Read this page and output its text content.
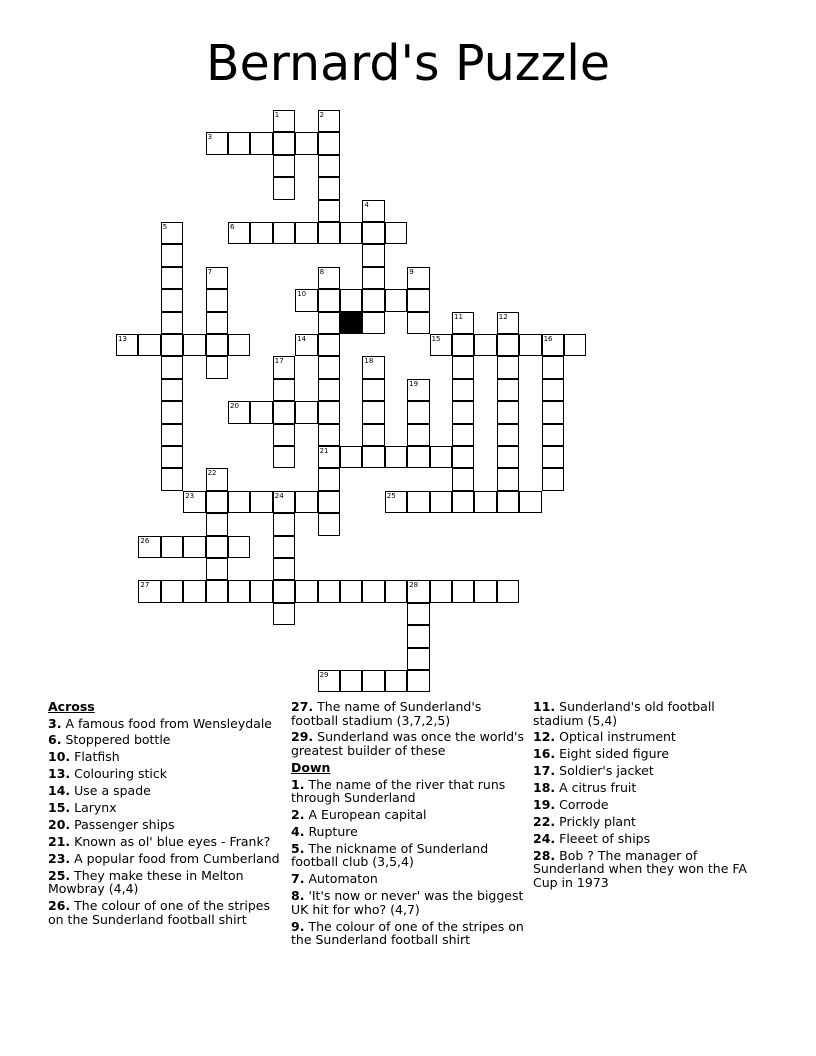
Bernard's Puzzle
1	2
3
4
5	6
7	8	9
10
11	12
13	14	15	16
17	18
19
20
21
22
23	24	25
26
27	28
29
Across
3. A famous food from Wensleydale
6. Stoppered bottle
10. Flatfish
13. Colouring stick
14. Use a spade
15. Larynx
20. Passenger ships
21. Known as ol' blue eyes - Frank?
23. A popular food from Cumberland
25. They make these in Melton Mowbray (4,4)
26. The colour of one of the stripes on the Sunderland football shirt
27. The name of Sunderland's football stadium (3,7,2,5)
29. Sunderland was once the world's greatest builder of these
Down
1. The name of the river that runs through Sunderland
2. A European capital
4. Rupture
5. The nickname of Sunderland football club (3,5,4)
7. Automaton
8. 'It's now or never' was the biggest UK hit for who? (4,7)
9. The colour of one of the stripes on the Sunderland football shirt
11. Sunderland's old football stadium (5,4)
12. Optical instrument
16. Eight sided figure
17. Soldier's jacket
18. A citrus fruit
19. Corrode
22. Prickly plant
24. Fleeet of ships
28. Bob ? The manager of Sunderland when they won the FA Cup in 1973
